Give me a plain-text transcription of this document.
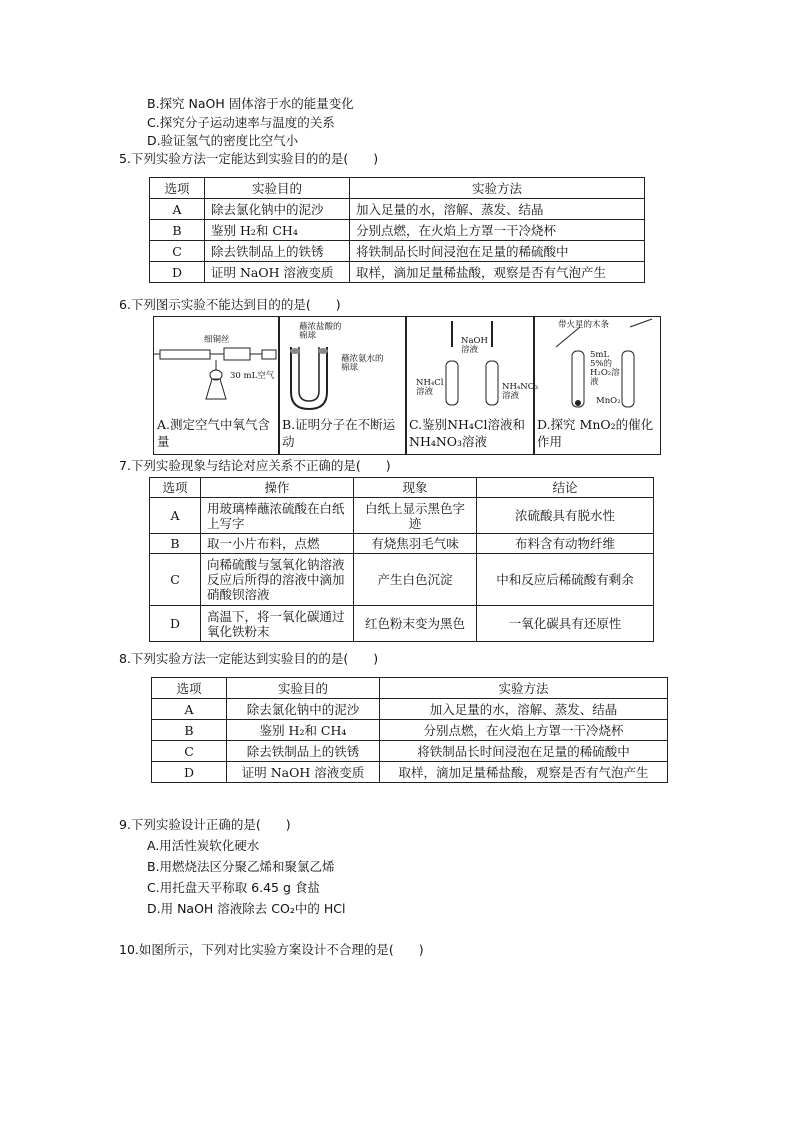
B.探究 NaOH 固体溶于水的能量变化
C.探究分子运动速率与温度的关系
D.验证氢气的密度比空气小
5.下列实验方法一定能达到实验目的的是(　　)
选项	实验目的	实验方法
A	除去氯化钠中的泥沙	加入足量的水，溶解、蒸发、结晶
B	鉴别 H₂和 CH₄	分别点燃，在火焰上方罩一干冷烧杯
C	除去铁制品上的铁锈	将铁制品长时间浸泡在足量的稀硫酸中
D	证明 NaOH 溶液变质	取样，滴加足量稀盐酸，观察是否有气泡产生
6.下列图示实验不能达到目的的是(　　)
细铜丝
30 mL空气
A.测定空气中氧气含量
蘸浓盐酸的棉球
蘸浓氨水的棉球
B.证明分子在不断运动
NaOH溶液
NH₄Cl溶液	NH₄NO₃溶液
C.鉴别NH₄Cl溶液和NH₄NO₃溶液
带火星的木条
5mL 5%的 H₂O₂溶液
MnO₂
D.探究 MnO₂的催化作用
7.下列实验现象与结论对应关系不正确的是(　　)
选项	操作	现象	结论
A	用玻璃棒蘸浓硫酸在白纸上写字	白纸上显示黑色字迹	浓硫酸具有脱水性
B	取一小片布料，点燃	有烧焦羽毛气味	布料含有动物纤维
C	向稀硫酸与氢氧化钠溶液反应后所得的溶液中滴加硝酸钡溶液	产生白色沉淀	中和反应后稀硫酸有剩余
D	高温下，将一氧化碳通过氧化铁粉末	红色粉末变为黑色	一氧化碳具有还原性
8.下列实验方法一定能达到实验目的的是(　　)
选项	实验目的	实验方法
A	除去氯化钠中的泥沙	加入足量的水，溶解、蒸发、结晶
B	鉴别 H₂和 CH₄	分别点燃，在火焰上方罩一干冷烧杯
C	除去铁制品上的铁锈	将铁制品长时间浸泡在足量的稀硫酸中
D	证明 NaOH 溶液变质	取样，滴加足量稀盐酸，观察是否有气泡产生
9.下列实验设计正确的是(　　)
A.用活性炭软化硬水
B.用燃烧法区分聚乙烯和聚氯乙烯
C.用托盘天平称取 6.45 g 食盐
D.用 NaOH 溶液除去 CO₂中的 HCl
10.如图所示，下列对比实验方案设计不合理的是(　　)
